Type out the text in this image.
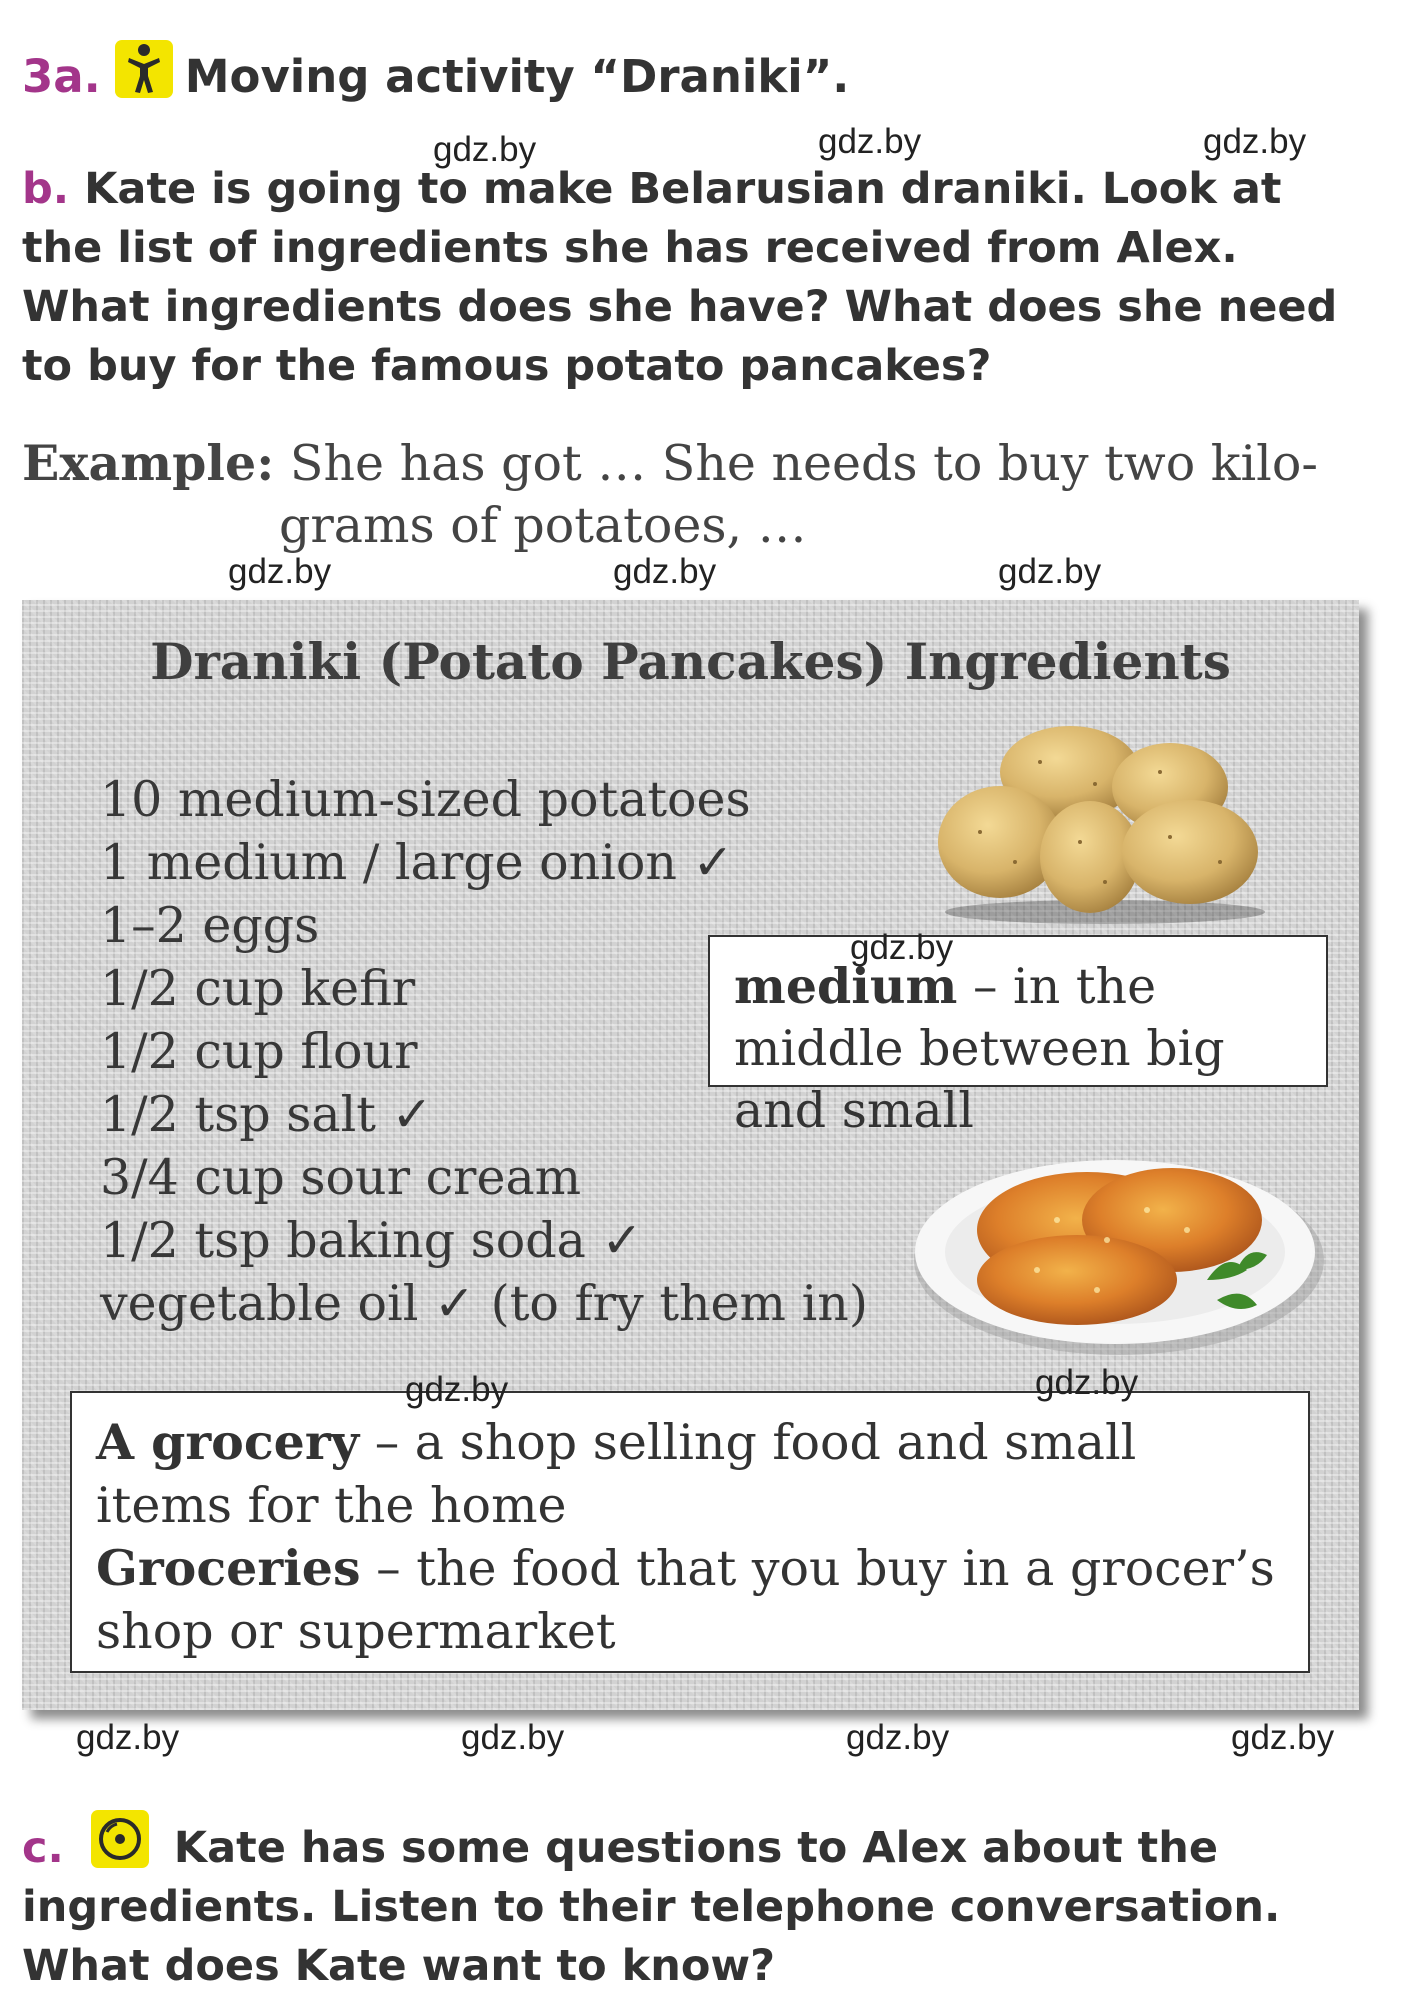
3a. Moving activity “Draniki”.
b. Kate is going to make Belarusian draniki. Look at the list of ingredients she has received from Alex. What ingredients does she have? What does she need to buy for the famous potato pancakes?
Example: She has got … She needs to buy two kilo-
grams of potatoes, …
Draniki (Potato Pancakes) Ingredients
10 medium-sized potatoes
1 medium / large onion ✓
1–2 eggs
1/2 cup kefir
1/2 cup flour
1/2 tsp salt ✓
3/4 cup sour cream
1/2 tsp baking soda ✓
vegetable oil ✓ (to fry them in)
medium – in the middle between big and small
A grocery – a shop selling food and small items for the home
Groceries – the food that you buy in a grocer’s shop or supermarket
c.	Kate has some questions to Alex about the ingredients. Listen to their telephone conversation. What does Kate want to know?
gdz.by	gdz.by	gdz.by
gdz.by	gdz.by	gdz.by
gdz.by
gdz.by	gdz.by
gdz.by	gdz.by	gdz.by	gdz.by
